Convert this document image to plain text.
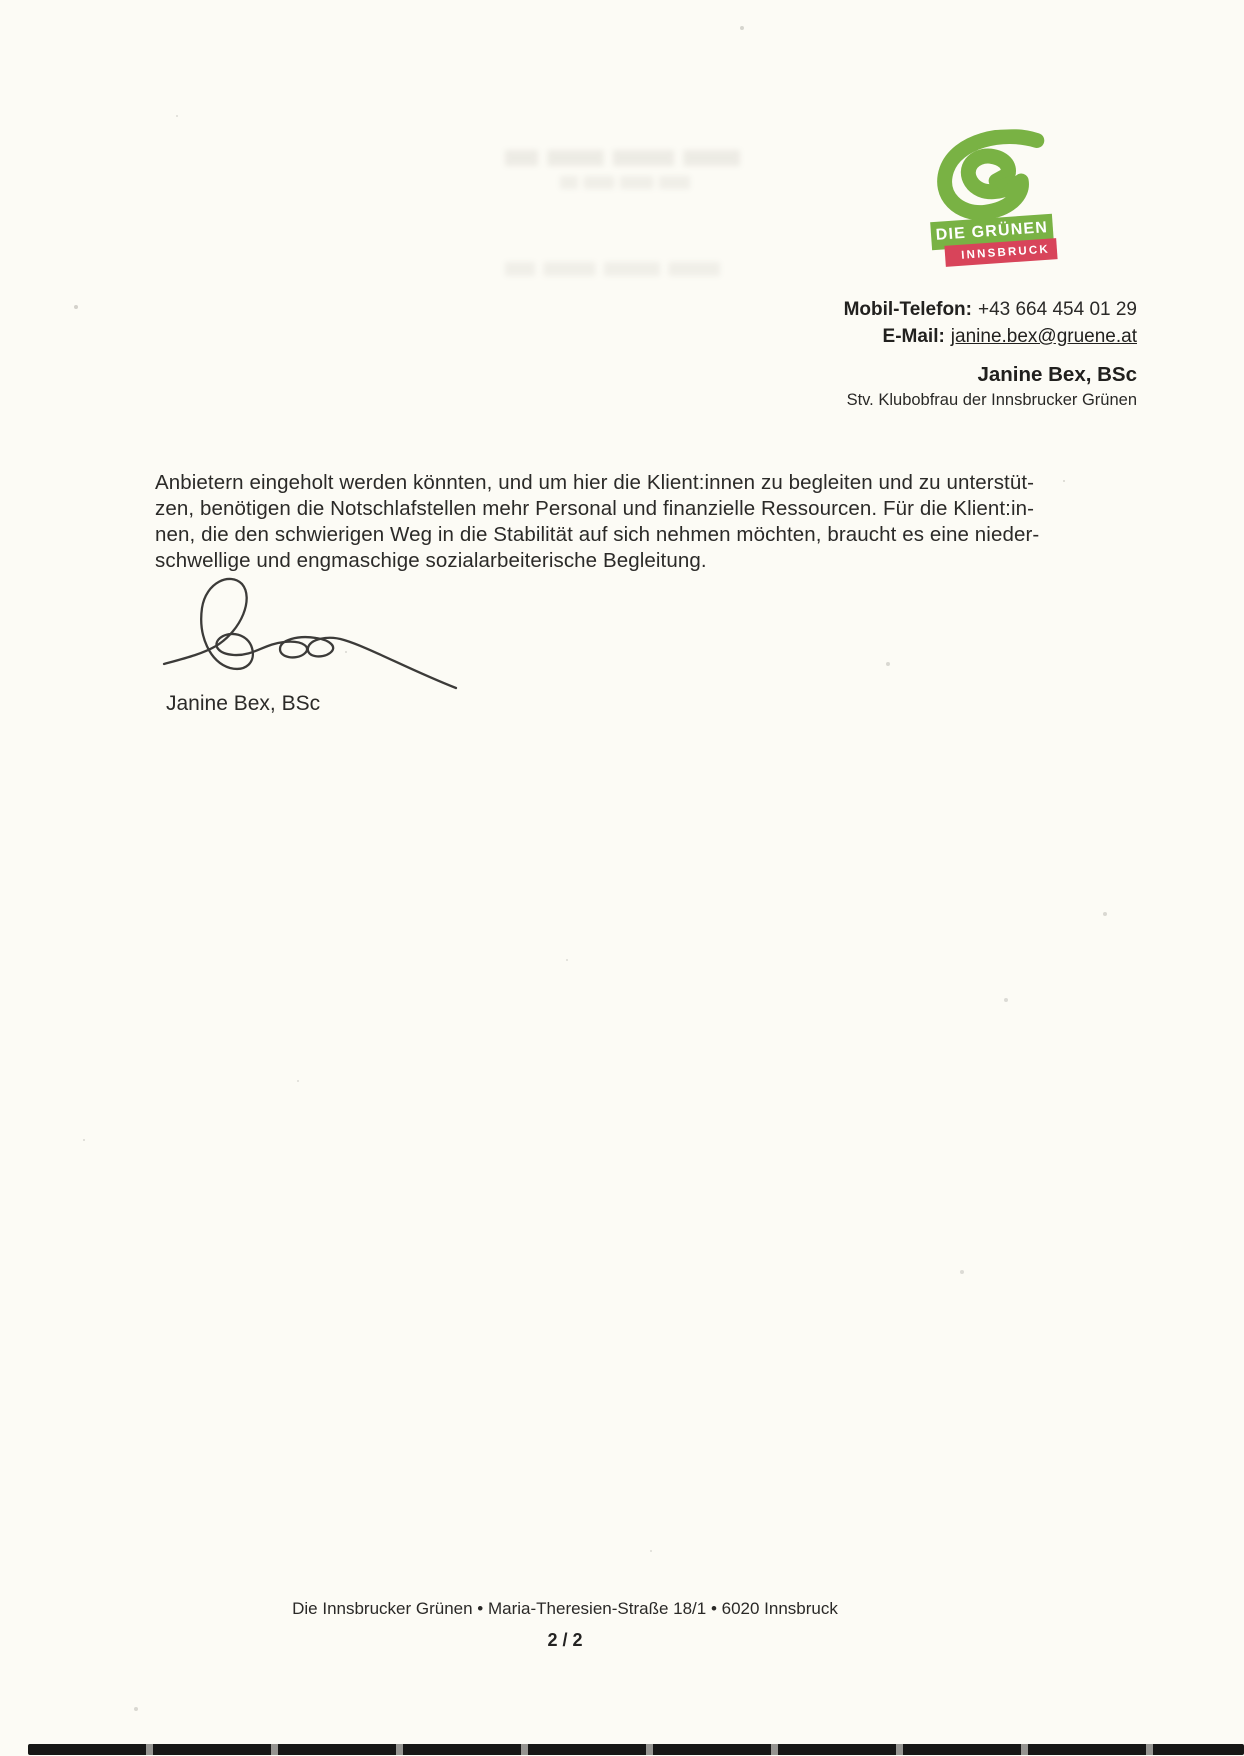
DIE GRÜNEN
INNSBRUCK
Mobil-Telefon: +43 664 454 01 29
E-Mail: janine.bex@gruene.at
Janine Bex, BSc
Stv. Klubobfrau der Innsbrucker Grünen
Anbietern eingeholt werden könnten, und um hier die Klient:innen zu begleiten und zu unterstüt-
zen, benötigen die Notschlafstellen mehr Personal und finanzielle Ressourcen. Für die Klient:in-
nen, die den schwierigen Weg in die Stabilität auf sich nehmen möchten, braucht es eine nieder-
schwellige und engmaschige sozialarbeiterische Begleitung.
Janine Bex, BSc
Die Innsbrucker Grünen • Maria-Theresien-Straße 18/1 • 6020 Innsbruck
2 / 2
